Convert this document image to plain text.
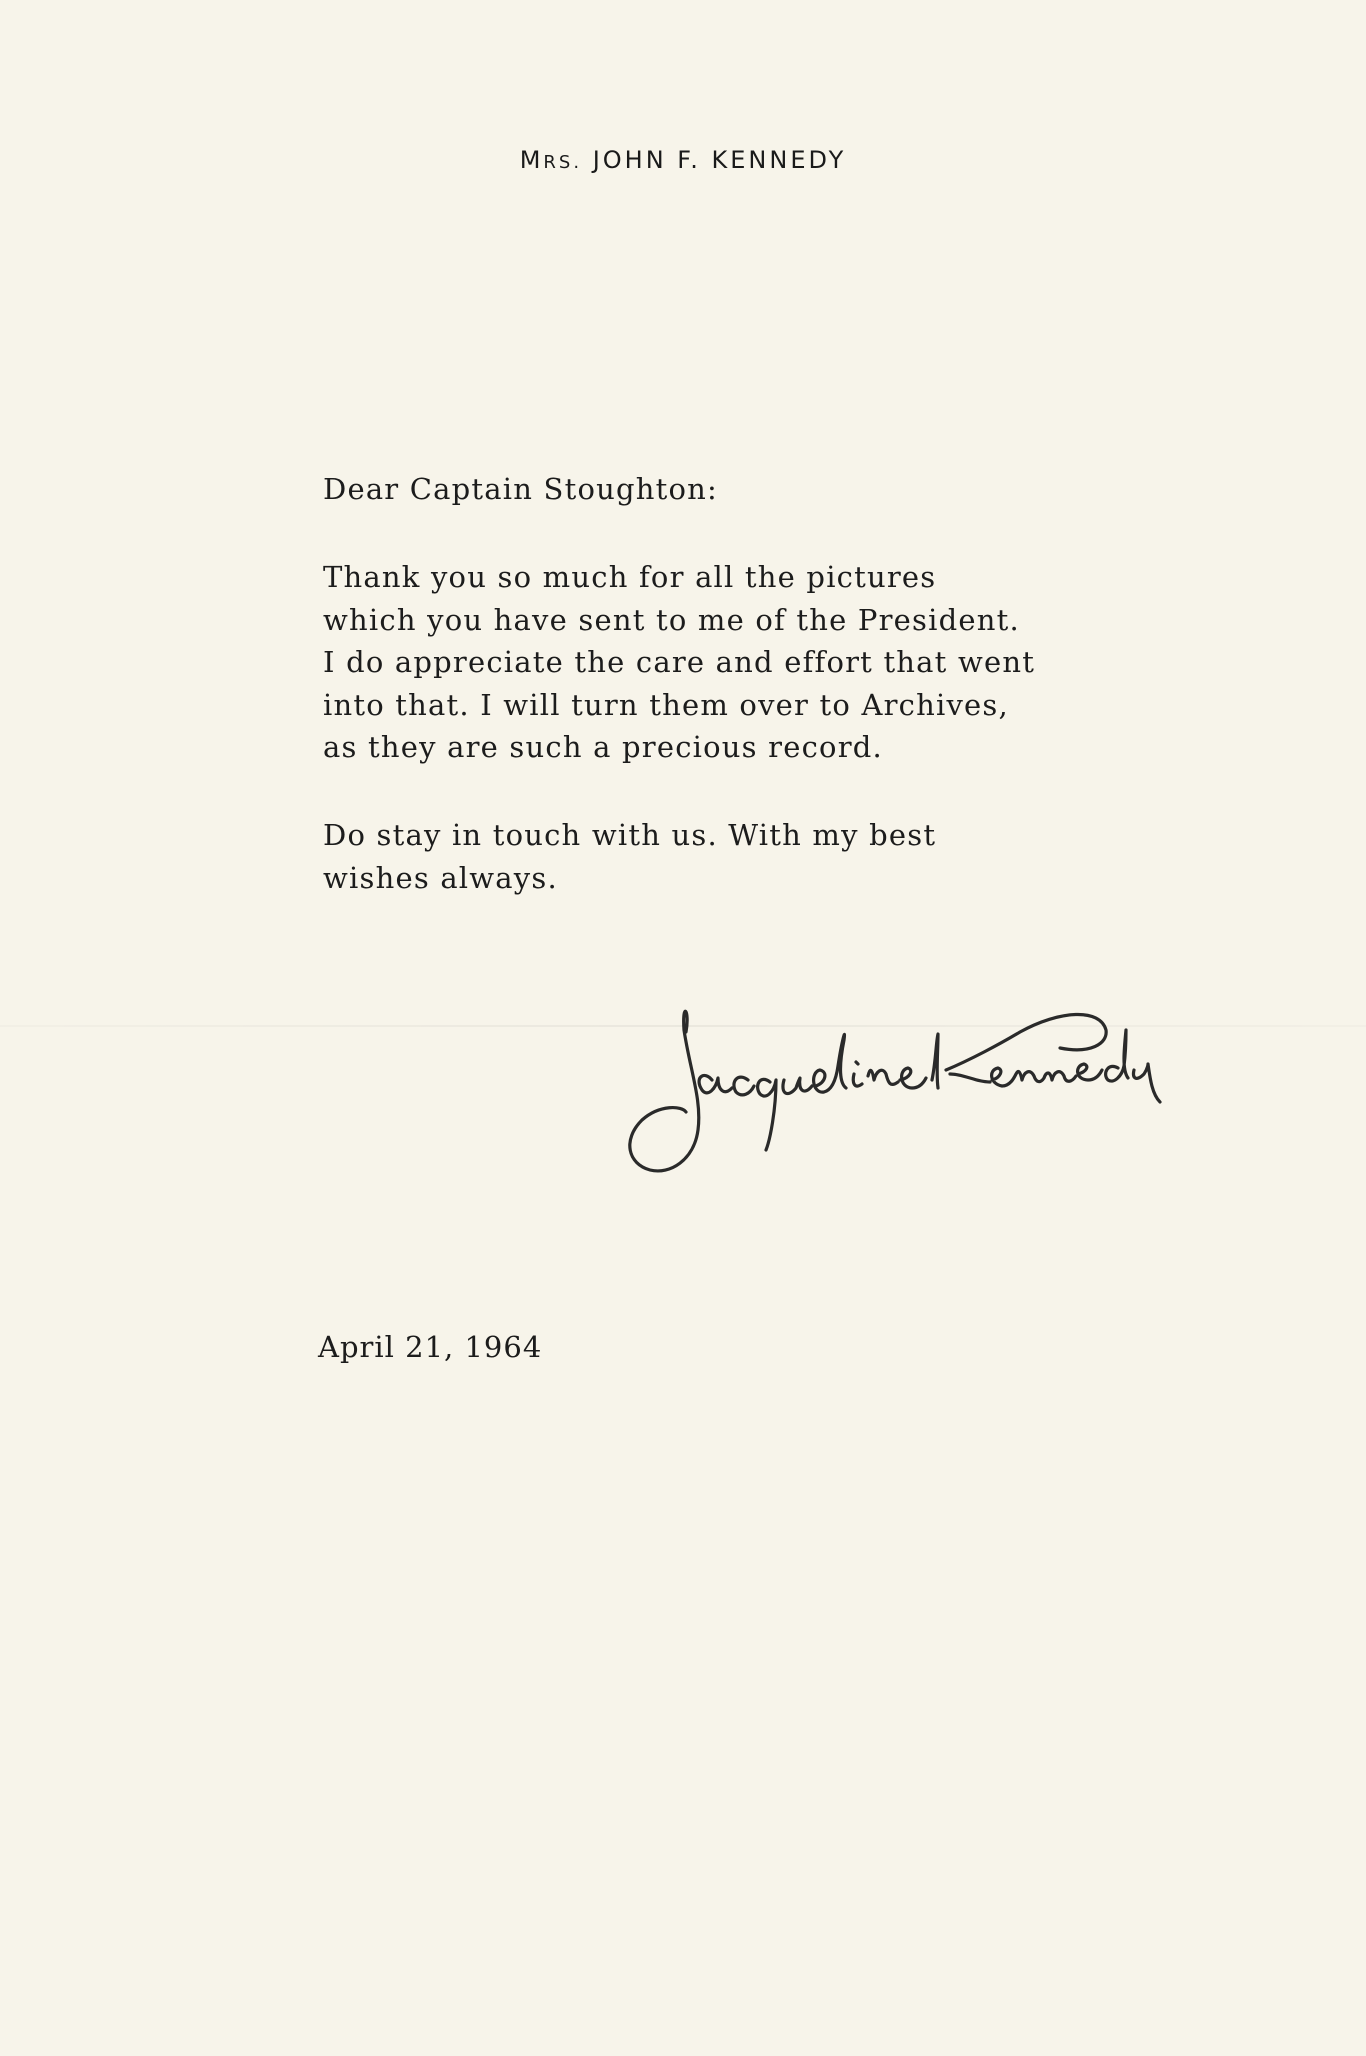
MRS. JOHN F. KENNEDY
Dear Captain Stoughton:
Thank you so much for all the pictures
which you have sent to me of the President.
I do appreciate the care and effort that went
into that. I will turn them over to Archives,
as they are such a precious record.
Do stay in touch with us. With my best
wishes always.
April 21, 1964
